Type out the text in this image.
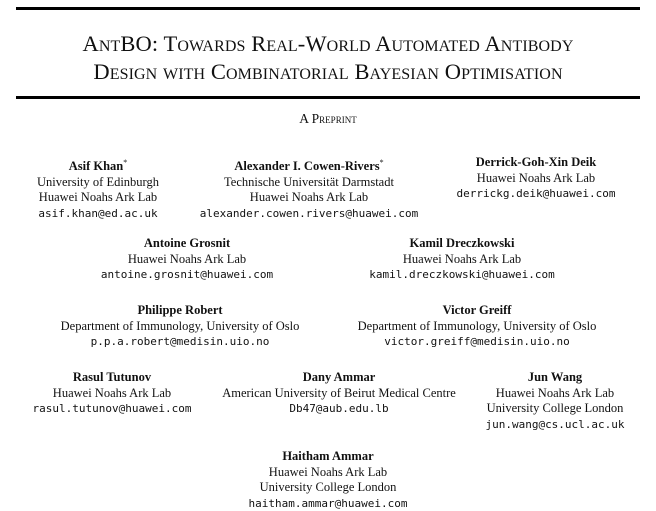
AntBO: Towards Real-World Automated Antibody
Design with Combinatorial Bayesian Optimisation
A Preprint
Asif Khan*
University of Edinburgh
Huawei Noahs Ark Lab
asif.khan@ed.ac.uk
Alexander I. Cowen-Rivers*
Technische Universität Darmstadt
Huawei Noahs Ark Lab
alexander.cowen.rivers@huawei.com
Derrick-Goh-Xin Deik
Huawei Noahs Ark Lab
derrickg.deik@huawei.com
Antoine Grosnit
Huawei Noahs Ark Lab
antoine.grosnit@huawei.com
Kamil Dreczkowski
Huawei Noahs Ark Lab
kamil.dreczkowski@huawei.com
Philippe Robert
Department of Immunology, University of Oslo
p.p.a.robert@medisin.uio.no
Victor Greiff
Department of Immunology, University of Oslo
victor.greiff@medisin.uio.no
Rasul Tutunov
Huawei Noahs Ark Lab
rasul.tutunov@huawei.com
Dany Ammar
American University of Beirut Medical Centre
Db47@aub.edu.lb
Jun Wang
Huawei Noahs Ark Lab
University College London
jun.wang@cs.ucl.ac.uk
Haitham Ammar
Huawei Noahs Ark Lab
University College London
haitham.ammar@huawei.com
